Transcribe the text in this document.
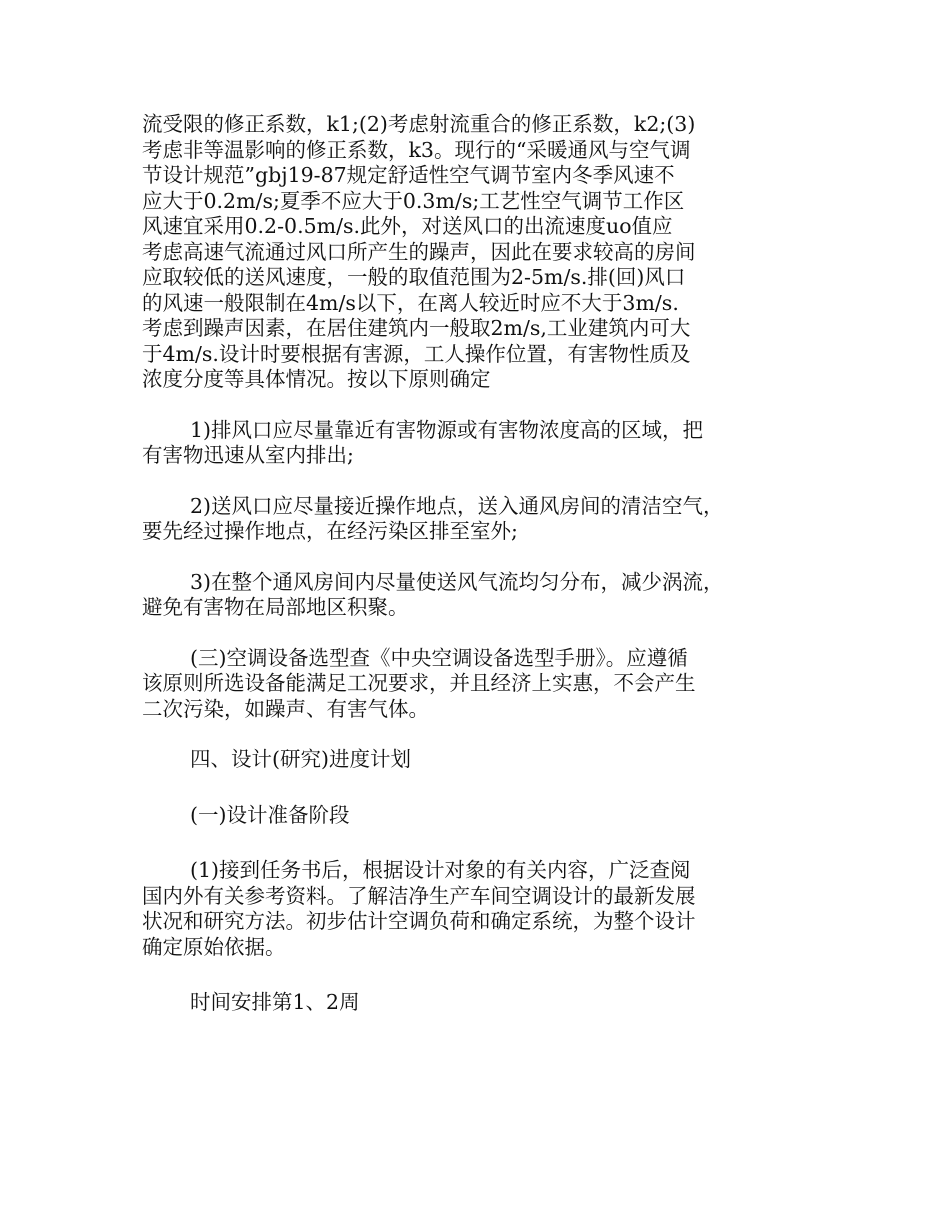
流受限的修正系数，k1;(2)考虑射流重合的修正系数，k2;(3)
考虑非等温影响的修正系数，k3。现行的“采暖通风与空气调
节设计规范”gbj19-87规定舒适性空气调节室内冬季风速不
应大于0.2m/s;夏季不应大于0.3m/s;工艺性空气调节工作区
风速宜采用0.2-0.5m/s.此外，对送风口的出流速度uo值应
考虑高速气流通过风口所产生的躁声，因此在要求较高的房间
应取较低的送风速度，一般的取值范围为2-5m/s.排(回)风口
的风速一般限制在4m/s以下，在离人较近时应不大于3m/s.
考虑到躁声因素，在居住建筑内一般取2m/s,工业建筑内可大
于4m/s.设计时要根据有害源，工人操作位置，有害物性质及
浓度分度等具体情况。按以下原则确定

1)排风口应尽量靠近有害物源或有害物浓度高的区域，把
有害物迅速从室内排出;

2)送风口应尽量接近操作地点，送入通风房间的清洁空气，
要先经过操作地点，在经污染区排至室外;

3)在整个通风房间内尽量使送风气流均匀分布，减少涡流，
避免有害物在局部地区积聚。

(三)空调设备选型查《中央空调设备选型手册》。应遵循
该原则所选设备能满足工况要求，并且经济上实惠，不会产生
二次污染，如躁声、有害气体。

四、设计(研究)进度计划

(一)设计准备阶段

(1)接到任务书后，根据设计对象的有关内容，广泛查阅
国内外有关参考资料。了解洁净生产车间空调设计的最新发展
状况和研究方法。初步估计空调负荷和确定系统，为整个设计
确定原始依据。

时间安排第1、2周
